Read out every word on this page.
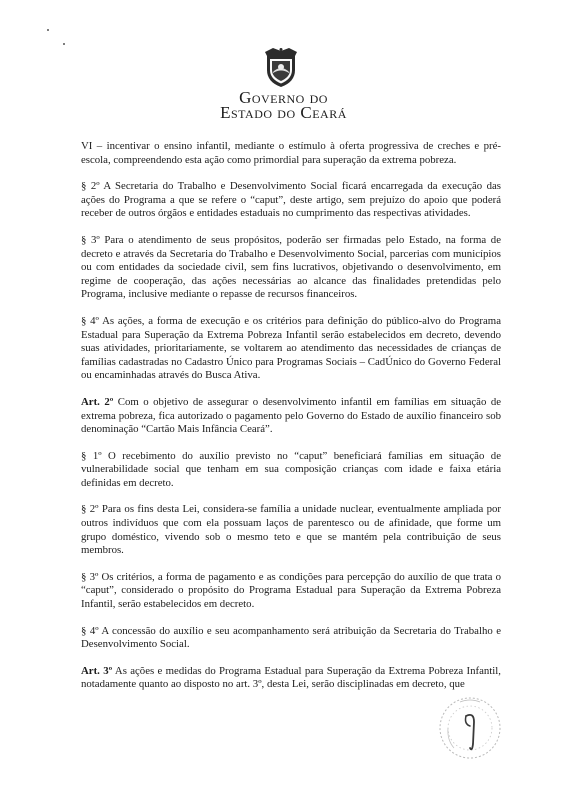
Governo do
Estado do Ceará

VI – incentivar o ensino infantil, mediante o estímulo à oferta progressiva de creches e pré-escola, compreendendo esta ação como primordial para superação da extrema pobreza.

§ 2º A Secretaria do Trabalho e Desenvolvimento Social ficará encarregada da execução das ações do Programa a que se refere o “caput”, deste artigo, sem prejuízo do apoio que poderá receber de outros órgãos e entidades estaduais no cumprimento das respectivas atividades.

§ 3º Para o atendimento de seus propósitos, poderão ser firmadas pelo Estado, na forma de decreto e através da Secretaria do Trabalho e Desenvolvimento Social, parcerias com municípios ou com entidades da sociedade civil, sem fins lucrativos, objetivando o desenvolvimento, em regime de cooperação, das ações necessárias ao alcance das finalidades pretendidas pelo Programa, inclusive mediante o repasse de recursos financeiros.

§ 4º As ações, a forma de execução e os critérios para definição do público-alvo do Programa Estadual para Superação da Extrema Pobreza Infantil serão estabelecidos em decreto, devendo suas atividades, prioritariamente, se voltarem ao atendimento das necessidades de crianças de famílias cadastradas no Cadastro Único para Programas Sociais – CadÚnico do Governo Federal ou encaminhadas através do Busca Ativa.

Art. 2º Com o objetivo de assegurar o desenvolvimento infantil em famílias em situação de extrema pobreza, fica autorizado o pagamento pelo Governo do Estado de auxílio financeiro sob denominação “Cartão Mais Infância Ceará”.

§ 1º O recebimento do auxílio previsto no “caput” beneficiará famílias em situação de vulnerabilidade social que tenham em sua composição crianças com idade e faixa etária definidas em decreto.

§ 2º Para os fins desta Lei, considera-se família a unidade nuclear, eventualmente ampliada por outros indivíduos que com ela possuam laços de parentesco ou de afinidade, que forme um grupo doméstico, vivendo sob o mesmo teto e que se mantém pela contribuição de seus membros.

§ 3º Os critérios, a forma de pagamento e as condições para percepção do auxílio de que trata o “caput”, considerado o propósito do Programa Estadual para Superação da Extrema Pobreza Infantil, serão estabelecidos em decreto.

§ 4º A concessão do auxílio e seu acompanhamento será atribuição da Secretaria do Trabalho e Desenvolvimento Social.

Art. 3º As ações e medidas do Programa Estadual para Superação da Extrema Pobreza Infantil, notadamente quanto ao disposto no art. 3º, desta Lei, serão disciplinadas em decreto, que
